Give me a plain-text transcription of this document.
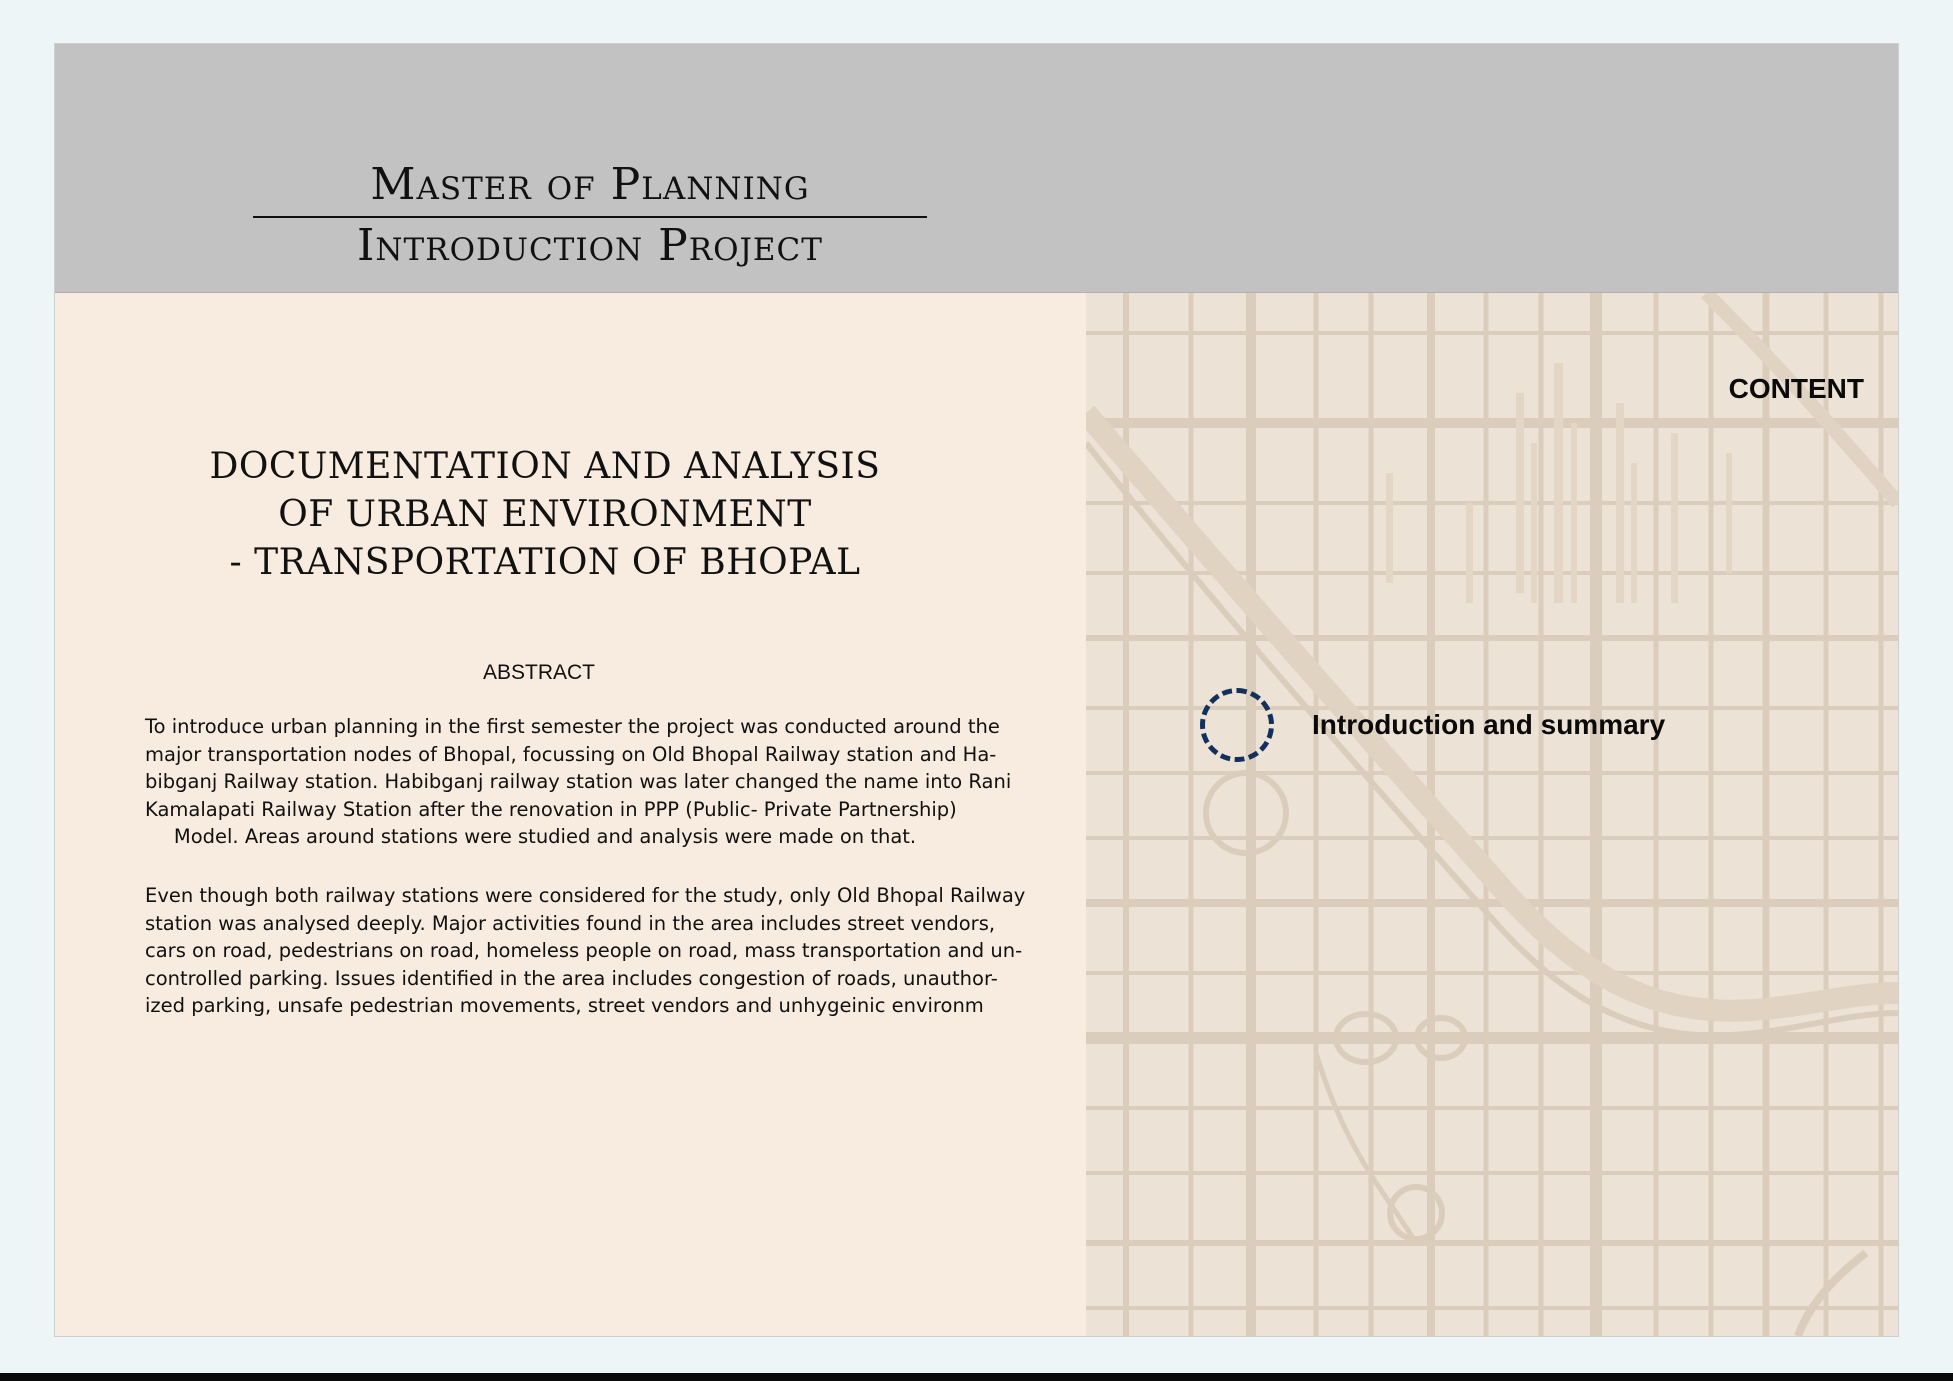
Master of Planning
Introduction Project
DOCUMENTATION AND ANALYSIS
OF URBAN ENVIRONMENT
- TRANSPORTATION OF BHOPAL
ABSTRACT
To introduce urban planning in the first semester the project was conducted around the
major transportation nodes of Bhopal, focussing on Old Bhopal Railway station and Ha-
bibganj Railway station. Habibganj railway station was later changed the name into Rani
Kamalapati Railway Station after the renovation in PPP (Public- Private Partnership)
Model. Areas around stations were studied and analysis were made on that.
Even though both railway stations were considered for the study, only Old Bhopal Railway
station was analysed deeply. Major activities found in the area includes street vendors,
cars on road, pedestrians on road, homeless people on road, mass transportation and un-
controlled parking. Issues identified in the area includes congestion of roads, unauthor-
ized parking, unsafe pedestrian movements, street vendors and unhygeinic environm
CONTENT
Introduction and summary
